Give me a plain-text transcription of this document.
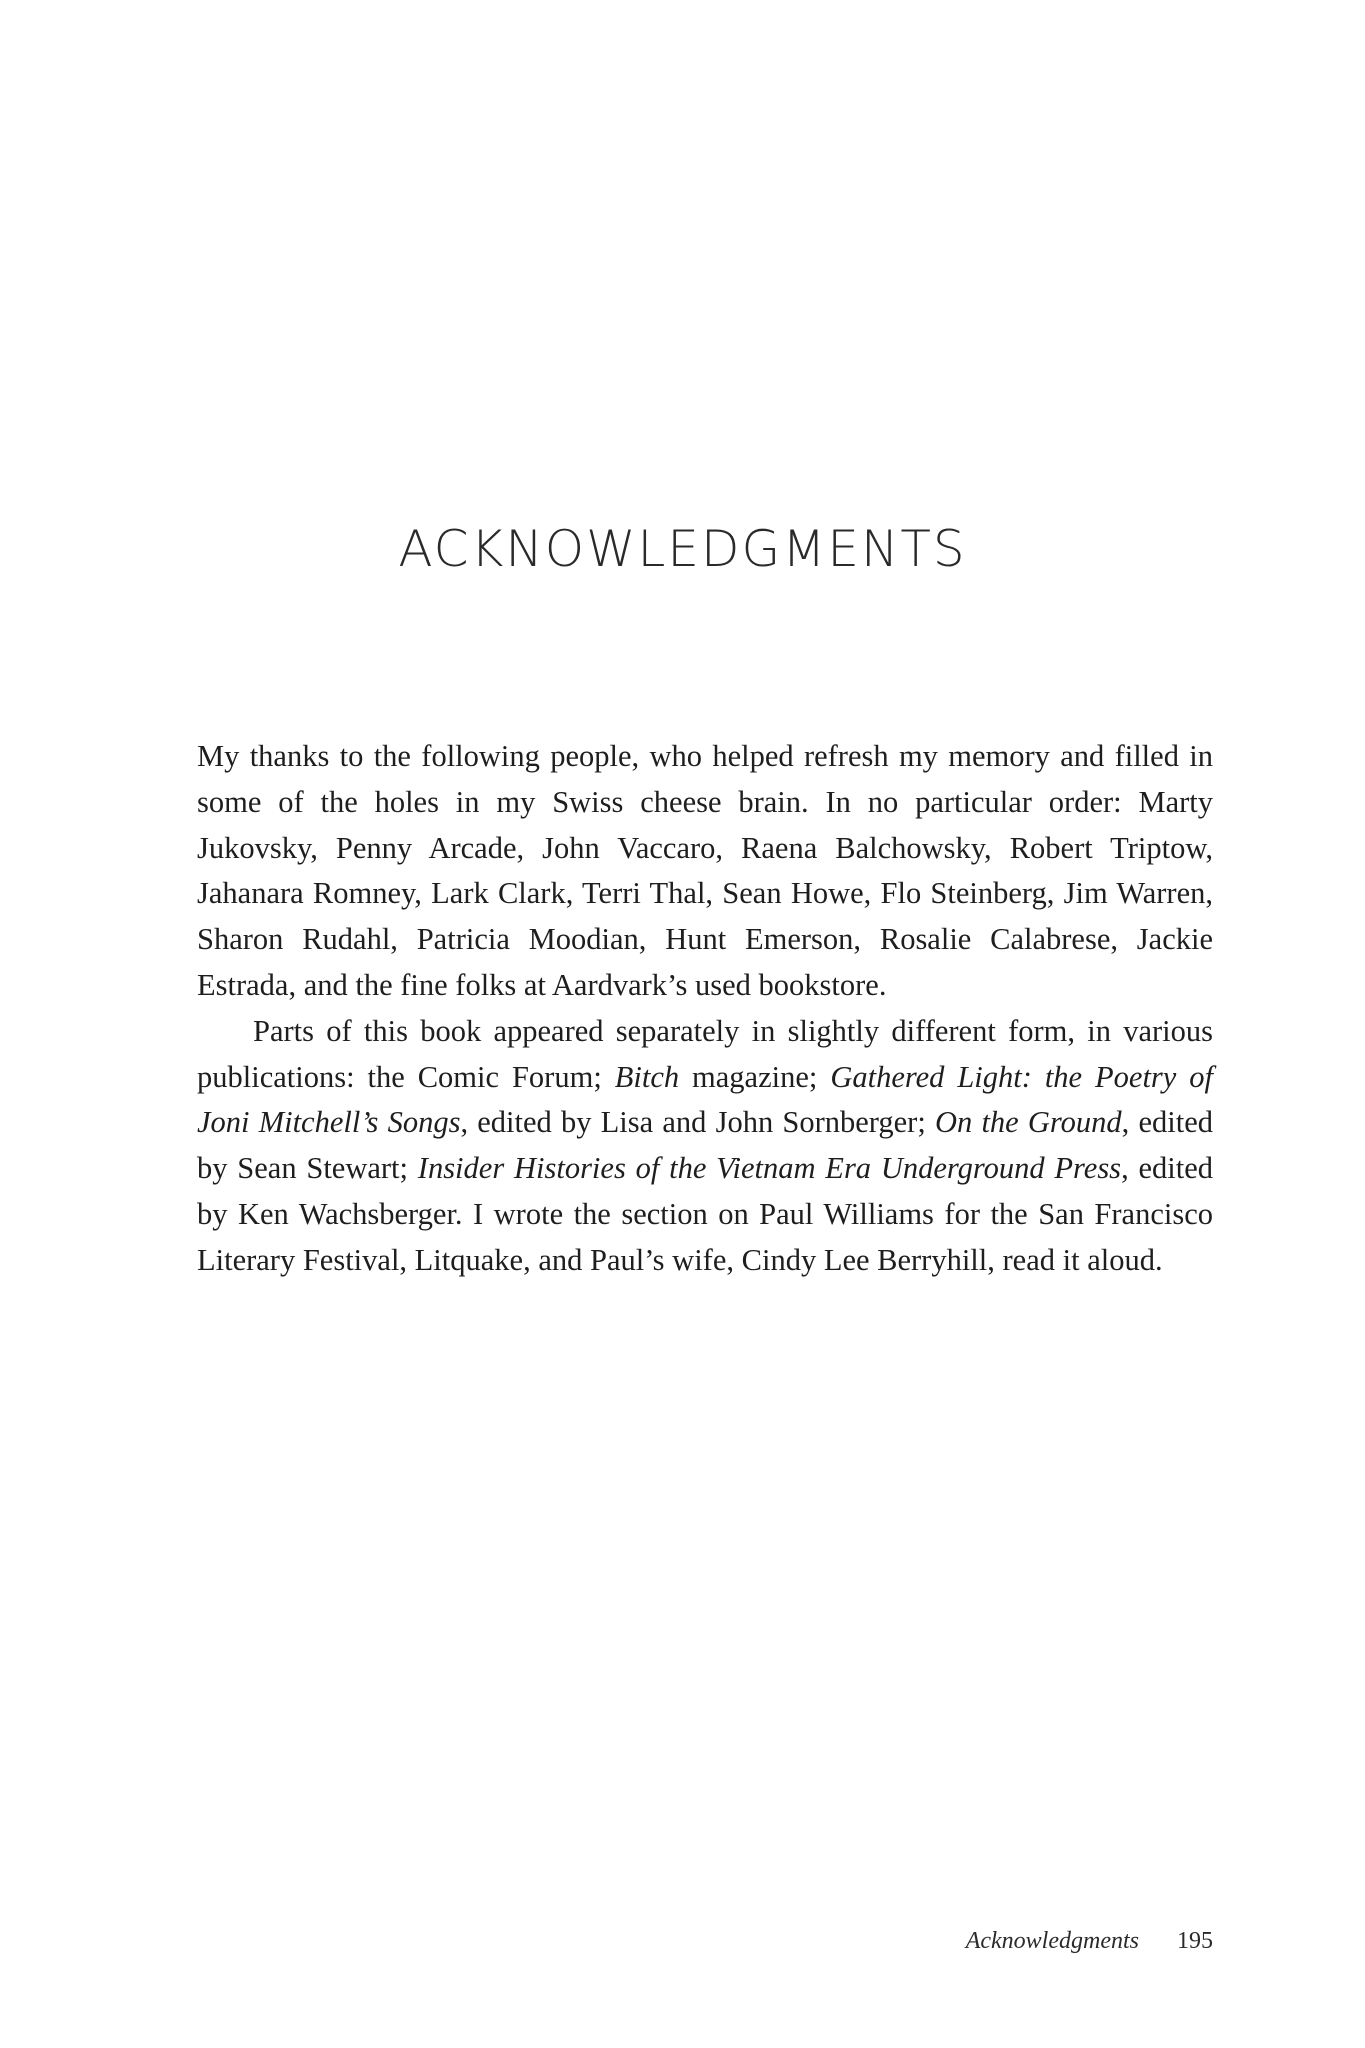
ACKNOWLEDGMENTS

My thanks to the following people, who helped refresh my memory and filled in some of the holes in my Swiss cheese brain. In no particular order: Marty Jukovsky, Penny Arcade, John Vaccaro, Raena Balchowsky, Robert Triptow, Jahanara Romney, Lark Clark, Terri Thal, Sean Howe, Flo Steinberg, Jim Warren, Sharon Rudahl, Patricia Moodian, Hunt Emerson, Rosalie Calabrese, Jackie Estrada, and the fine folks at Aardvark’s used bookstore.

Parts of this book appeared separately in slightly different form, in various publications: the Comic Forum; Bitch magazine; Gathered Light: the Poetry of Joni Mitchell’s Songs, edited by Lisa and John Sornberger; On the Ground, edited by Sean Stewart; Insider Histories of the Vietnam Era Underground Press, edited by Ken Wachsberger. I wrote the section on Paul Williams for the San Francisco Literary Festival, Litquake, and Paul’s wife, Cindy Lee Berryhill, read it aloud.

Acknowledgments 195
